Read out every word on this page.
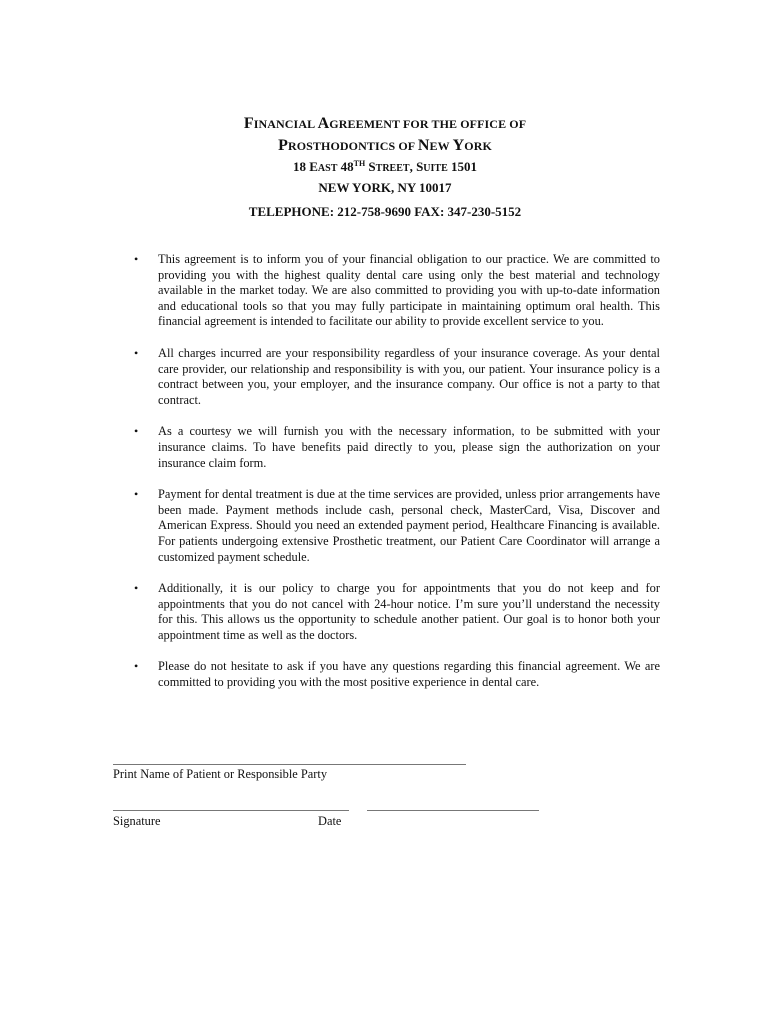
FINANCIAL AGREEMENT FOR THE OFFICE OF
PROSTHODONTICS OF NEW YORK
18 EAST 48TH STREET, SUITE 1501
NEW YORK, NY 10017
TELEPHONE: 212-758-9690 FAX: 347-230-5152
• This agreement is to inform you of your financial obligation to our practice. We are committed to providing you with the highest quality dental care using only the best material and technology available in the market today. We are also committed to providing you with up-to-date information and educational tools so that you may fully participate in maintaining optimum oral health. This financial agreement is intended to facilitate our ability to provide excellent service to you.
• All charges incurred are your responsibility regardless of your insurance coverage. As your dental care provider, our relationship and responsibility is with you, our patient. Your insurance policy is a contract between you, your employer, and the insurance company. Our office is not a party to that contract.
• As a courtesy we will furnish you with the necessary information, to be submitted with your insurance claims. To have benefits paid directly to you, please sign the authorization on your insurance claim form.
• Payment for dental treatment is due at the time services are provided, unless prior arrangements have been made. Payment methods include cash, personal check, MasterCard, Visa, Discover and American Express. Should you need an extended payment period, Healthcare Financing is available. For patients undergoing extensive Prosthetic treatment, our Patient Care Coordinator will arrange a customized payment schedule.
• Additionally, it is our policy to charge you for appointments that you do not keep and for appointments that you do not cancel with 24-hour notice. I’m sure you’ll understand the necessity for this. This allows us the opportunity to schedule another patient. Our goal is to honor both your appointment time as well as the doctors.
• Please do not hesitate to ask if you have any questions regarding this financial agreement. We are committed to providing you with the most positive experience in dental care.
Print Name of Patient or Responsible Party
Signature	Date
